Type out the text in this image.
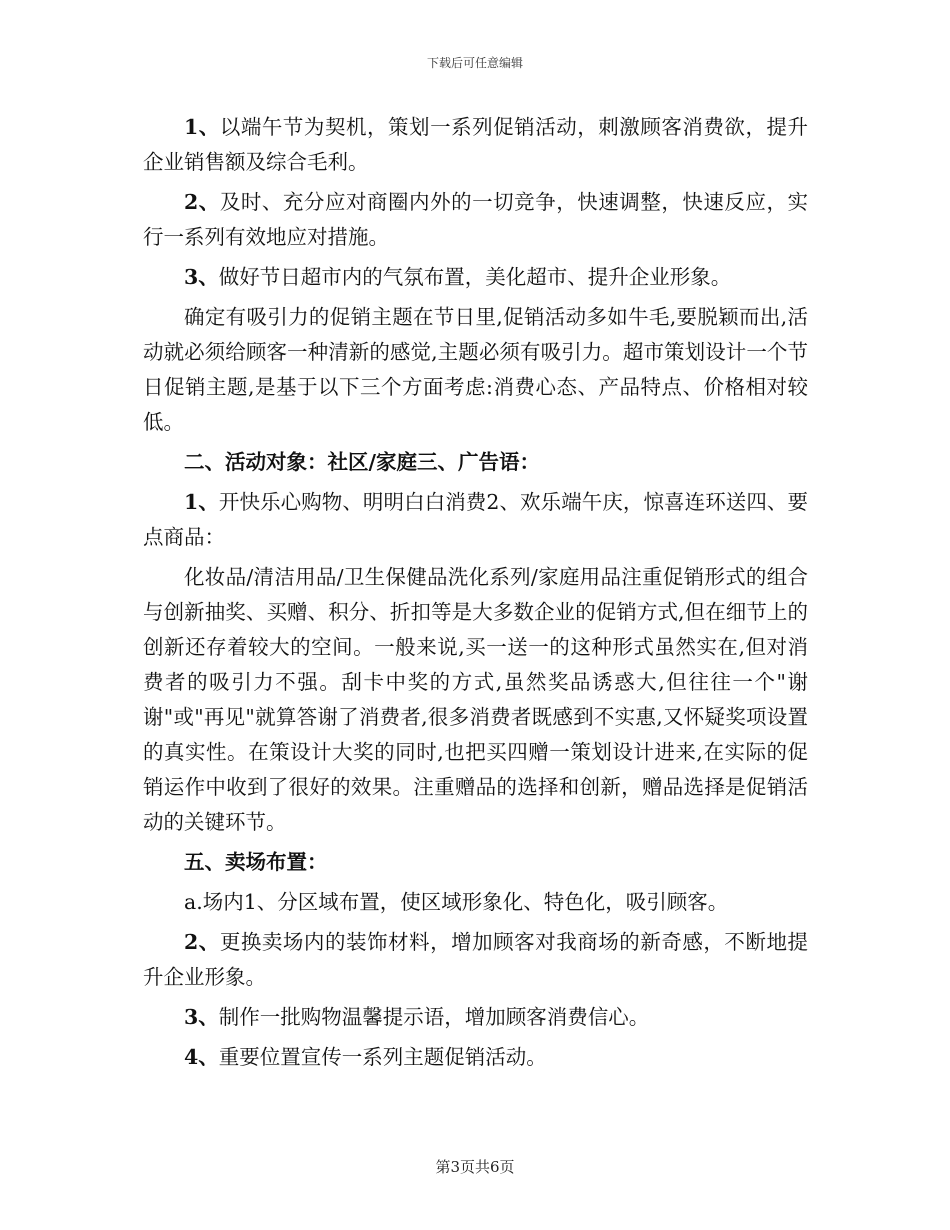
下载后可任意编辑

1、以端午节为契机，策划一系列促销活动，刺激顾客消费欲，提升企业销售额及综合毛利。

2、及时、充分应对商圈内外的一切竞争，快速调整，快速反应，实行一系列有效地应对措施。

3、做好节日超市内的气氛布置，美化超市、提升企业形象。

确定有吸引力的促销主题在节日里,促销活动多如牛毛,要脱颖而出,活动就必须给顾客一种清新的感觉,主题必须有吸引力。超市策划设计一个节日促销主题,是基于以下三个方面考虑:消费心态、产品特点、价格相对较低。

二、活动对象：社区/家庭三、广告语：

1、开快乐心购物、明明白白消费2、欢乐端午庆，惊喜连环送四、要点商品：

化妆品/清洁用品/卫生保健品洗化系列/家庭用品注重促销形式的组合与创新抽奖、买赠、积分、折扣等是大多数企业的促销方式,但在细节上的创新还存着较大的空间。一般来说,买一送一的这种形式虽然实在,但对消费者的吸引力不强。刮卡中奖的方式,虽然奖品诱惑大,但往往一个"谢谢"或"再见"就算答谢了消费者,很多消费者既感到不实惠,又怀疑奖项设置的真实性。在策设计大奖的同时,也把买四赠一策划设计进来,在实际的促销运作中收到了很好的效果。注重赠品的选择和创新，赠品选择是促销活动的关键环节。

五、卖场布置：

a.场内1、分区域布置，使区域形象化、特色化，吸引顾客。

2、更换卖场内的装饰材料，增加顾客对我商场的新奇感，不断地提升企业形象。

3、制作一批购物温馨提示语，增加顾客消费信心。

4、重要位置宣传一系列主题促销活动。

第3页共6页
